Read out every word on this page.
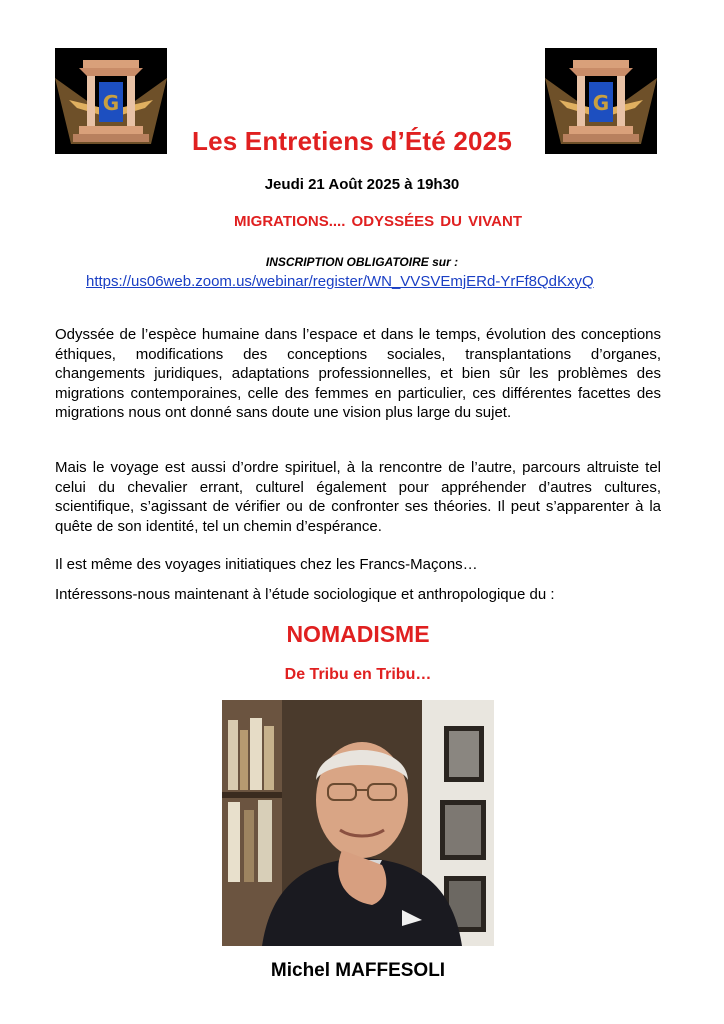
G	G
Les Entretiens d’Été 2025
Jeudi 21 Août 2025 à 19h30
MIGRATIONS.... ODYSSÉES DU VIVANT
INSCRIPTION OBLIGATOIRE sur :
https://us06web.zoom.us/webinar/register/WN_VVSVEmjERd-YrFf8QdKxyQ

Odyssée de l’espèce humaine dans l’espace et dans le temps, évolution des conceptions éthiques, modifications des conceptions sociales, transplantations d’organes, changements juridiques, adaptations professionnelles, et bien sûr les problèmes des migrations contemporaines, celle des femmes en particulier, ces différentes facettes des migrations nous ont donné sans doute une vision plus large du sujet.

Mais le voyage est aussi d’ordre spirituel, à la rencontre de l’autre, parcours altruiste tel celui du chevalier errant, culturel également pour appréhender d’autres cultures, scientifique, s’agissant de vérifier ou de confronter ses théories. Il peut s’apparenter à la quête de son identité, tel un chemin d’espérance.

Il est même des voyages initiatiques chez les Francs-Maçons…

Intéressons-nous maintenant à l’étude sociologique et anthropologique du :

NOMADISME
De Tribu en Tribu…
Michel MAFFESOLI
